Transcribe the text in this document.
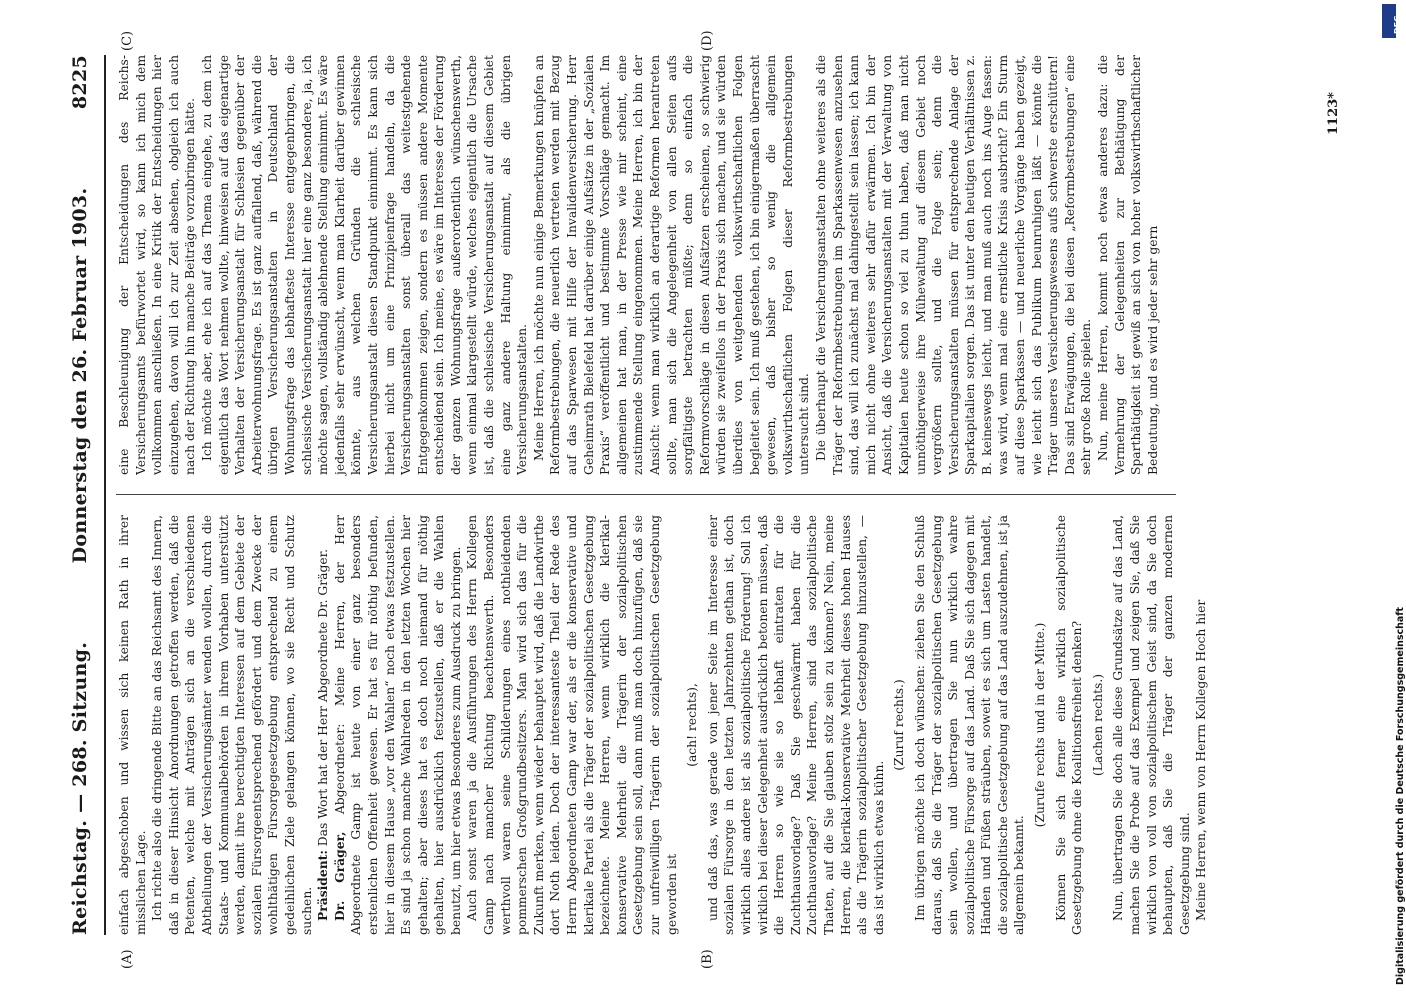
Reichstag. — 268. Sitzung.
Donnerstag den 26. Februar 1903.
8225

einfach abgeschoben und wissen sich keinen Rath in ihrer misslichen Lage. Ich richte also die dringende Bitte an das Reichsamt des Innern, daß in dieser Hinsicht Anordnungen getroffen werden, daß die Petenten, welche mit Anträgen sich an die verschiedenen Abtheilungen der Versicherungsämter wenden wollen, durch die Staats- und Kommunalbehörden in ihrem Vorhaben unterstützt werden, damit ihre berechtigten Interessen auf dem Gebiete der sozialen Fürsorgeentsprechend gefördert und dem Zwecke der wohlthätigen Fürsorgegesetzgebung entsprechend zu einem gedeihlichen Ziele gelangen können, wo sie Recht und Schutz suchen. Präsident: Das Wort hat der Herr Abgeordnete Dr. Gräger.

Dr. Gräger, Abgeordneter: Meine Herren, der Herr Abgeordnete Gamp ist heute von einer ganz besonders erstenlichen Offenheit gewesen. Er hat es für nöthig befunden, hier in diesem Hause „vor den Wahlen“ noch etwas festzustellen. Es sind ja schon manche Wahlreden in den letzten Wochen hier gehalten; aber dieses hat es doch noch niemand für nöthig gehalten, hier ausdrücklich festzustellen, daß er die Wahlen benutzt, um hier etwas Besonderes zum Ausdruck zu bringen. Auch sonst waren ja die Ausführungen des Herrn Kollegen Gamp nach mancher Richtung beachtenswerth. Besonders werthvoll waren seine Schilderungen eines nothleidenden pommerschen Großgrundbesitzers. Man wird sich das für die Zukunft merken, wenn wieder behauptet wird, daß die Landwirthe dort Noth leiden. Doch der interessanteste Theil der Rede des Herrn Abgeordneten Gamp war der, als er die konservative und klerikale Partei als die Träger der sozialpolitischen Gesetzgebung bezeichnete. Meine Herren, wenn wirklich die klerikal-konservative Mehrheit die Trägerin der sozialpolitischen Gesetzgebung sein soll, dann muß man doch hinzufügen, daß sie zur unfreiwilligen Trägerin der sozialpolitischen Gesetzgebung geworden ist

(ach! rechts), und daß das, was gerade von jener Seite im Interesse einer sozialen Fürsorge in den letzten Jahrzehnten gethan ist, doch wirklich alles andere ist als sozialpolitische Förderung! Soll ich wirklich bei dieser Gelegenheit ausdrücklich betonen müssen, daß die Herren so wie sie so lebhaft eintraten für die Zuchthausvorlage? Daß Sie geschwärmt haben für die Zuchthausvorlage? Meine Herren, sind das sozialpolitische Thaten, auf die Sie glauben stolz sein zu können? Nein, meine Herren, die klerikal-konservative Mehrheit dieses hohen Hauses als die Trägerin sozialpolitischer Gesetzgebung hinzustellen, — das ist wirklich etwas kühn.

(Zuruf rechts.) Im übrigen möchte ich doch wünschen: ziehen Sie den Schluß daraus, daß Sie die Träger der sozialpolitischen Gesetzgebung sein wollen, und übertragen Sie nun wirklich wahre sozialpolitische Fürsorge auf das Land. Daß Sie sich dagegen mit Händen und Füßen sträuben, soweit es sich um Lasten handelt, die sozialpolitische Gesetzgebung auf das Land auszudehnen, ist ja allgemein bekannt.

(Zurufe rechts und in der Mitte.) Können Sie sich ferner eine wirklich sozialpolitische Gesetzgebung ohne die Koalitionsfreiheit denken? (Lachen rechts.) Nun, übertragen Sie doch alle diese Grundsätze auf das Land, machen Sie die Probe auf das Exempel und zeigen Sie, daß Sie wirklich von voll von sozialpolitischem Geist sind, da Sie doch behaupten, daß Sie die Träger der ganzen modernen Gesetzgebung sind. Meine Herren, wenn von Herrn Kollegen Hoch hier

eine Beschleunigung der Entscheidungen des Reichs-Versicherungsamts befürwortet wird, so kann ich mich dem vollkommen anschließen. In eine Kritik der Entscheidungen hier einzugehen, davon will ich zur Zeit absehen, obgleich ich auch nach der Richtung hin manche Beiträge vorzubringen hätte. Ich möchte aber, ehe ich auf das Thema eingehe, zu dem ich eigentlich das Wort nehmen wollte, hinweisen auf das eigenartige Verhalten der Versicherungsanstalt für Schlesien gegenüber der Arbeiterwohnungsfrage. Es ist ganz auffallend, daß, während die übrigen Versicherungsanstalten in Deutschland der Wohnungsfrage das lebhafteste Interesse entgegenbringen, die schlesische Versicherungsanstalt hier eine ganz besondere, ja, ich möchte sagen, vollständig ablehnende Stellung einnimmt. Es wäre jedenfalls sehr erwünscht, wenn man Klarheit darüber gewinnen könnte, aus welchen Gründen die schlesische Versicherungsanstalt diesen Standpunkt einnimmt. Es kann sich hierbei nicht um eine Prinzipienfrage handeln, da die Versicherungsanstalten sonst überall das weitestgehende Entgegenkommen zeigen, sondern es müssen andere Momente entscheidend sein. Ich meine, es wäre im Interesse der Förderung der ganzen Wohnungsfrage außerordentlich wünschenswerth, wenn einmal klargestellt würde, welches eigentlich die Ursache ist, daß die schlesische Versicherungsanstalt auf diesem Gebiet eine ganz andere Haltung einnimmt, als die übrigen Versicherungsanstalten. Meine Herren, ich möchte nun einige Bemerkungen knüpfen an Reformbestrebungen, die neuerlich vertreten werden mit Bezug auf das Sparwesen mit Hilfe der Invalidenversicherung. Herr Geheimrath Bielefeld hat darüber einige Aufsätze in der „Sozialen Praxis“ veröffentlicht und bestimmte Vorschläge gemacht. Im allgemeinen hat man, in der Presse wie mir scheint, eine zustimmende Stellung eingenommen. Meine Herren, ich bin der Ansicht: wenn man wirklich an derartige Reformen herantreten sollte, man sich die Angelegenheit von allen Seiten aufs sorgfältigste betrachten müßte; denn so einfach die Reformvorschläge in diesen Aufsätzen erscheinen, so schwierig würden sie zweifellos in der Praxis sich machen, und sie würden überdies von weitgehenden volkswirthschaftlichen Folgen begleitet sein. Ich muß gestehen, ich bin einigermaßen überrascht gewesen, daß bisher so wenig die allgemein volkswirthschaftlichen Folgen dieser Reformbestrebungen untersucht sind. Die überhaupt die Versicherungsanstalten ohne weiteres als die Träger der Reformbestrebungen im Sparkassenwesen anzusehen sind, das will ich zunächst mal dahingestellt sein lassen; ich kann mich nicht ohne weiteres sehr dafür erwärmen. Ich bin der Ansicht, daß die Versicherungsanstalten mit der Verwaltung von Kapitalien heute schon so viel zu thun haben, daß man nicht unnöthigerweise ihre Mühewaltung auf diesem Gebiet noch vergrößern sollte, und die Folge sein; denn die Versicherungsanstalten müssen für entsprechende Anlage der Sparkapitalien sorgen. Das ist unter den heutigen Verhältnissen z. B. keineswegs leicht, und man muß auch noch ins Auge fassen: was wird, wenn mal eine ernstliche Krisis ausbricht? Ein Sturm auf diese Sparkassen — und neuerliche Vorgänge haben gezeigt, wie leicht sich das Publikum beunruhigen läßt — könnte die Träger unseres Versicherungswesens aufs schwerste erschüttern! Das sind Erwägungen, die bei diesen „Reformbestrebungen“ eine sehr große Rolle spielen. Nun, meine Herren, kommt noch etwas anderes dazu: die Vermehrung der Gelegenheiten zur Bethätigung der Sparthätigkeit ist gewiß an sich von hoher volkswirthschaftlicher Bedeutung, und es wird jeder sehr gern

(A)	(B)
(C)	(D)
1123*
DFG
Digitalisierung gefördert durch die Deutsche Forschungsgemeinschaft
